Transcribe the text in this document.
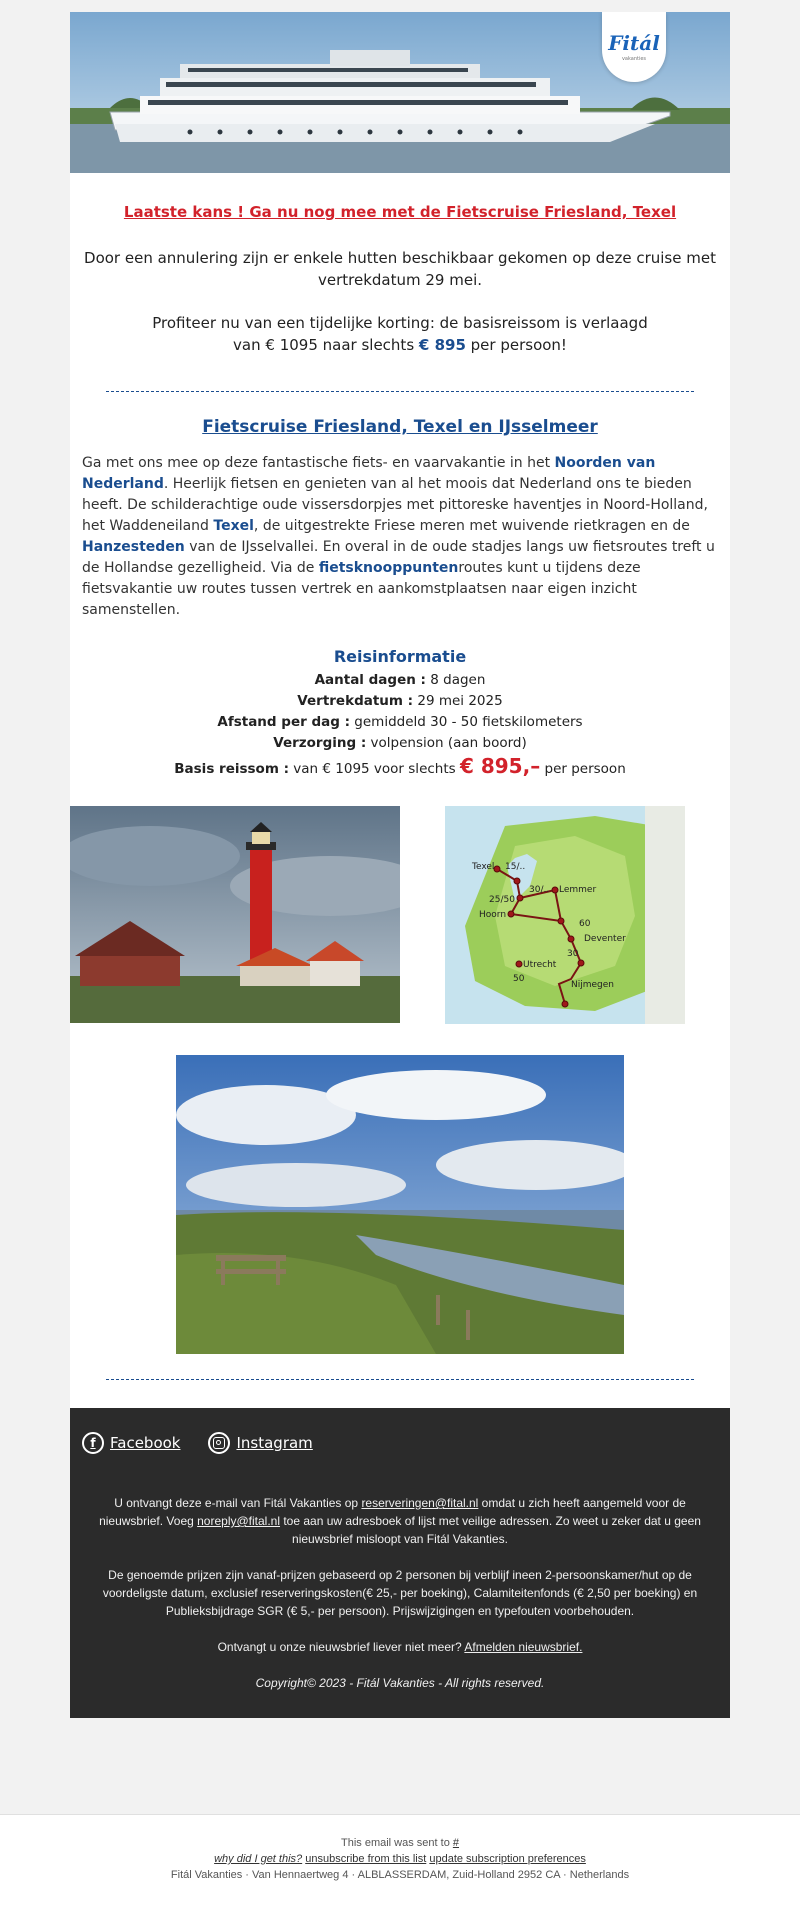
Fitál
vakanties
Laatste kans ! Ga nu nog mee met de Fietscruise Friesland, Texel

Door een annulering zijn er enkele hutten beschikbaar gekomen op deze cruise met vertrekdatum 29 mei.

Profiteer nu van een tijdelijke korting: de basisreissom is verlaagd
van € 1095 naar slechts € 895 per persoon!

Fietscruise Friesland, Texel en IJsselmeer
Ga met ons mee op deze fantastische fiets- en vaarvakantie in het Noorden van Nederland. Heerlijk fietsen en genieten van al het moois dat Nederland ons te bieden heeft. De schilderachtige oude vissersdorpjes met pittoreske haventjes in Noord-Holland, het Waddeneiland Texel, de uitgestrekte Friese meren met wuivende rietkragen en de Hanzesteden van de IJsselvallei. En overal in de oude stadjes langs uw fietsroutes treft u de Hollandse gezelligheid. Via de fietsknooppuntenroutes kunt u tijdens deze fietsvakantie uw routes tussen vertrek en aankomstplaatsen naar eigen inzicht samenstellen.
Reisinformatie
Aantal dagen : 8 dagen
Vertrekdatum : 29 mei 2025
Afstand per dag : gemiddeld 30 - 50 fietskilometers
Verzorging : volpension (aan boord)
Basis reissom : van € 1095 voor slechts € 895,– per persoon
Texel 15/..
30/.. Lemmer
25/50
Hoorn
60
Deventer
30
Utrecht
50
Nijmegen
f Facebook	Instagram

U ontvangt deze e-mail van Fitál Vakanties op reserveringen@fital.nl omdat u zich heeft aangemeld voor de nieuwsbrief. Voeg noreply@fital.nl toe aan uw adresboek of lijst met veilige adressen. Zo weet u zeker dat u geen nieuwsbrief misloopt van Fitál Vakanties.

De genoemde prijzen zijn vanaf-prijzen gebaseerd op 2 personen bij verblijf ineen 2-persoonskamer/hut op de voordeligste datum, exclusief reserveringskosten(€ 25,- per boeking), Calamiteitenfonds (€ 2,50 per boeking) en Publieksbijdrage SGR (€ 5,- per persoon). Prijswijzigingen en typefouten voorbehouden.

Ontvangt u onze nieuwsbrief liever niet meer? Afmelden nieuwsbrief.

Copyright© 2023 - Fitál Vakanties - All rights reserved.

This email was sent to #

why did I get this? unsubscribe from this list update subscription preferences

Fitál Vakanties · Van Hennaertweg 4 · ALBLASSERDAM, Zuid-Holland 2952 CA · Netherlands
